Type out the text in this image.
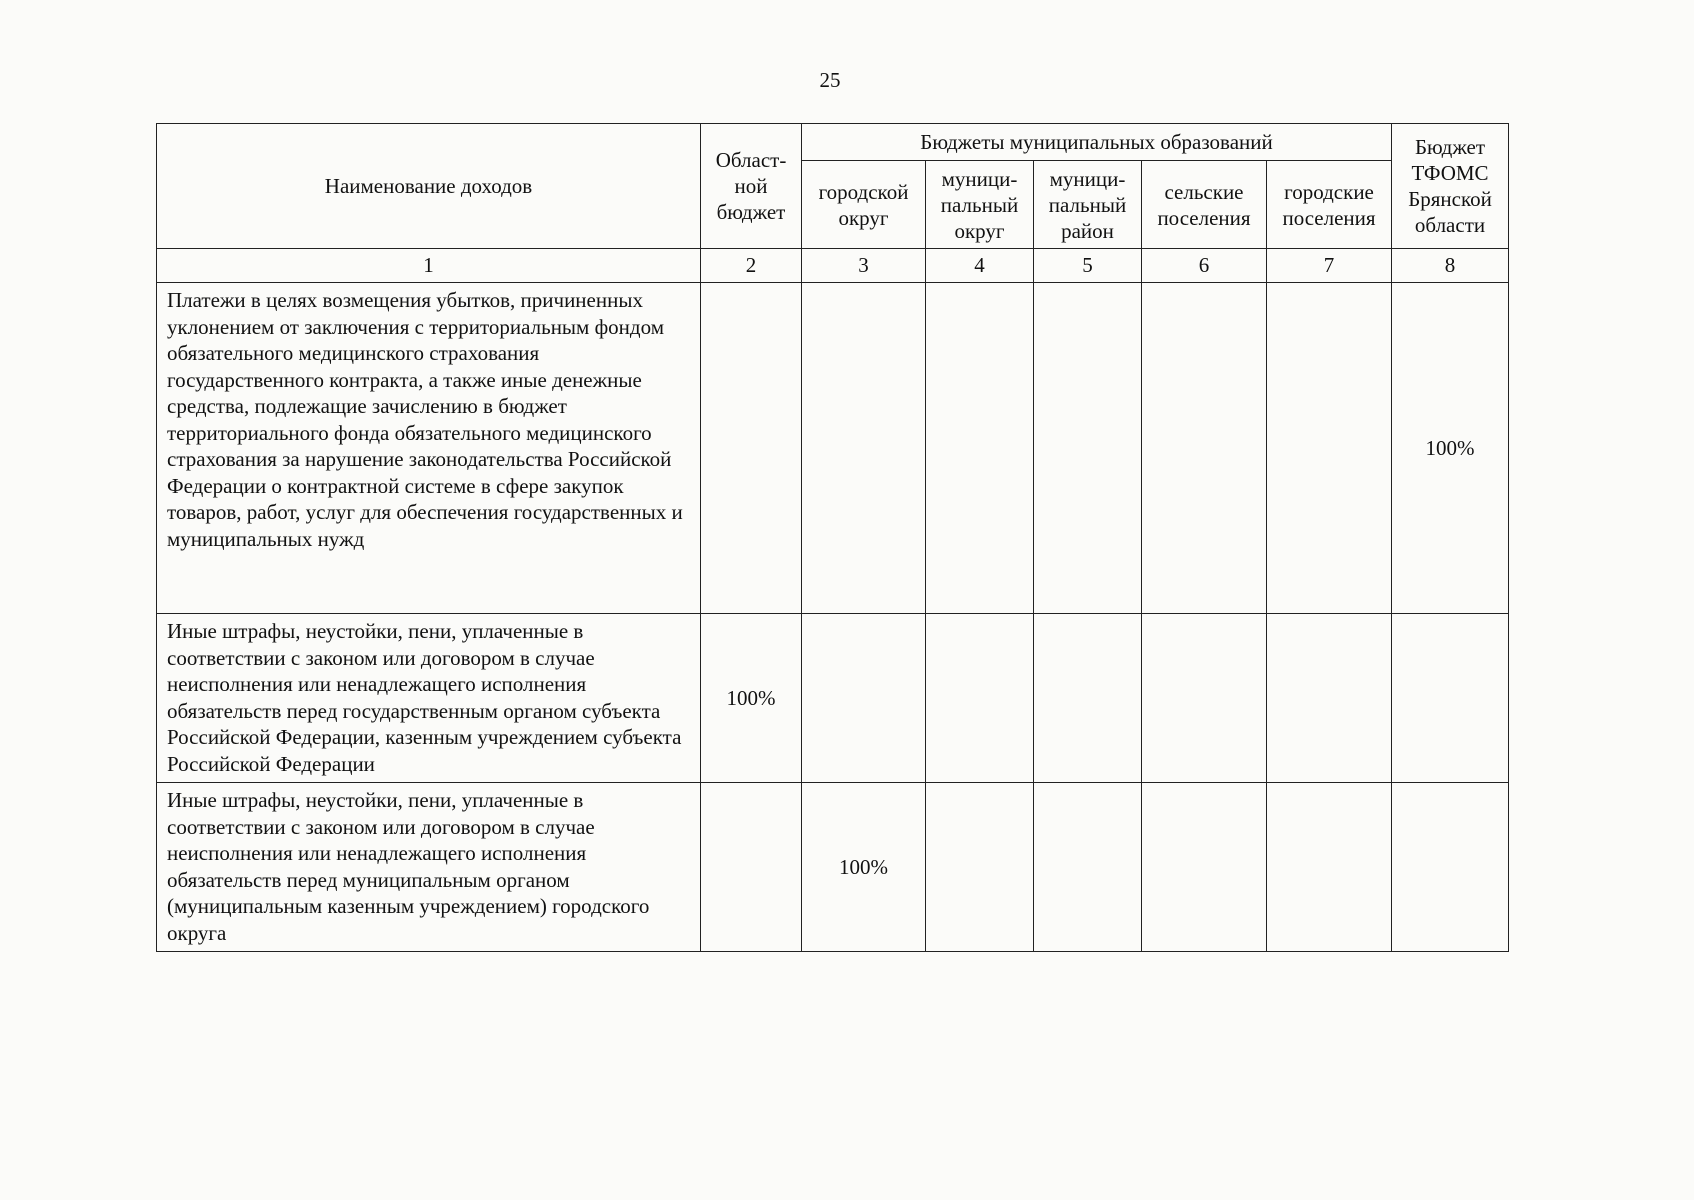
25
Наименование доходов	Област-ной бюджет	Бюджеты муниципальных образований					Бюджет ТФОМС Брянской области
		городской округ	муници-пальный округ	муници-пальный район	сельские поселения	городские поселения	
1	2	3	4	5	6	7	8
Платежи в целях возмещения убытков, причиненных уклонением от заключения с территориальным фондом обязательного медицинского страхования государственного контракта, а также иные денежные средства, подлежащие зачислению в бюджет территориального фонда обязательного медицинского страхования за нарушение законодательства Российской Федерации о контрактной системе в сфере закупок товаров, работ, услуг для обеспечения государственных и муниципальных нужд							100%
Иные штрафы, неустойки, пени, уплаченные в соответствии с законом или договором в случае неисполнения или ненадлежащего исполнения обязательств перед государственным органом субъекта Российской Федерации, казенным учреждением субъекта Российской Федерации	100%						
Иные штрафы, неустойки, пени, уплаченные в соответствии с законом или договором в случае неисполнения или ненадлежащего исполнения обязательств перед муниципальным органом (муниципальным казенным учреждением) городского округа		100%					
